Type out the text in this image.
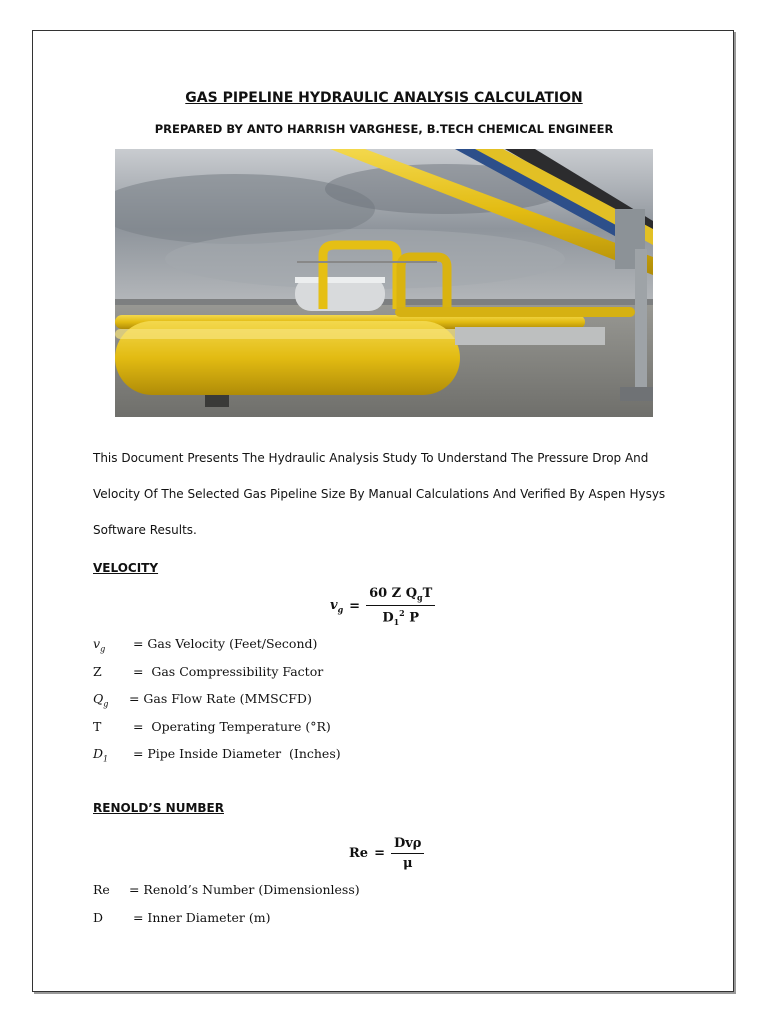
GAS PIPELINE HYDRAULIC ANALYSIS CALCULATION
PREPARED BY ANTO HARRISH VARGHESE, B.TECH CHEMICAL ENGINEER
This Document Presents The Hydraulic Analysis Study To Understand The Pressure Drop And Velocity Of The Selected Gas Pipeline Size By Manual Calculations And Verified By Aspen Hysys Software Results.
VELOCITY
$v_g = \frac{60 Z Q_gT}{D_1^2 P}$
$v_g$	= Gas Velocity (Feet/Second)
Z	=  Gas Compressibility Factor
$Q_g$	= Gas Flow Rate (MMSCFD)
T	=  Operating Temperature (°R)
$D_1$	= Pipe Inside Diameter  (Inches)
RENOLD’S NUMBER
$Re = \frac{\text{Dvρ}}{\mu}$
Re	= Renold’s Number (Dimensionless)
D	= Inner Diameter (m)
